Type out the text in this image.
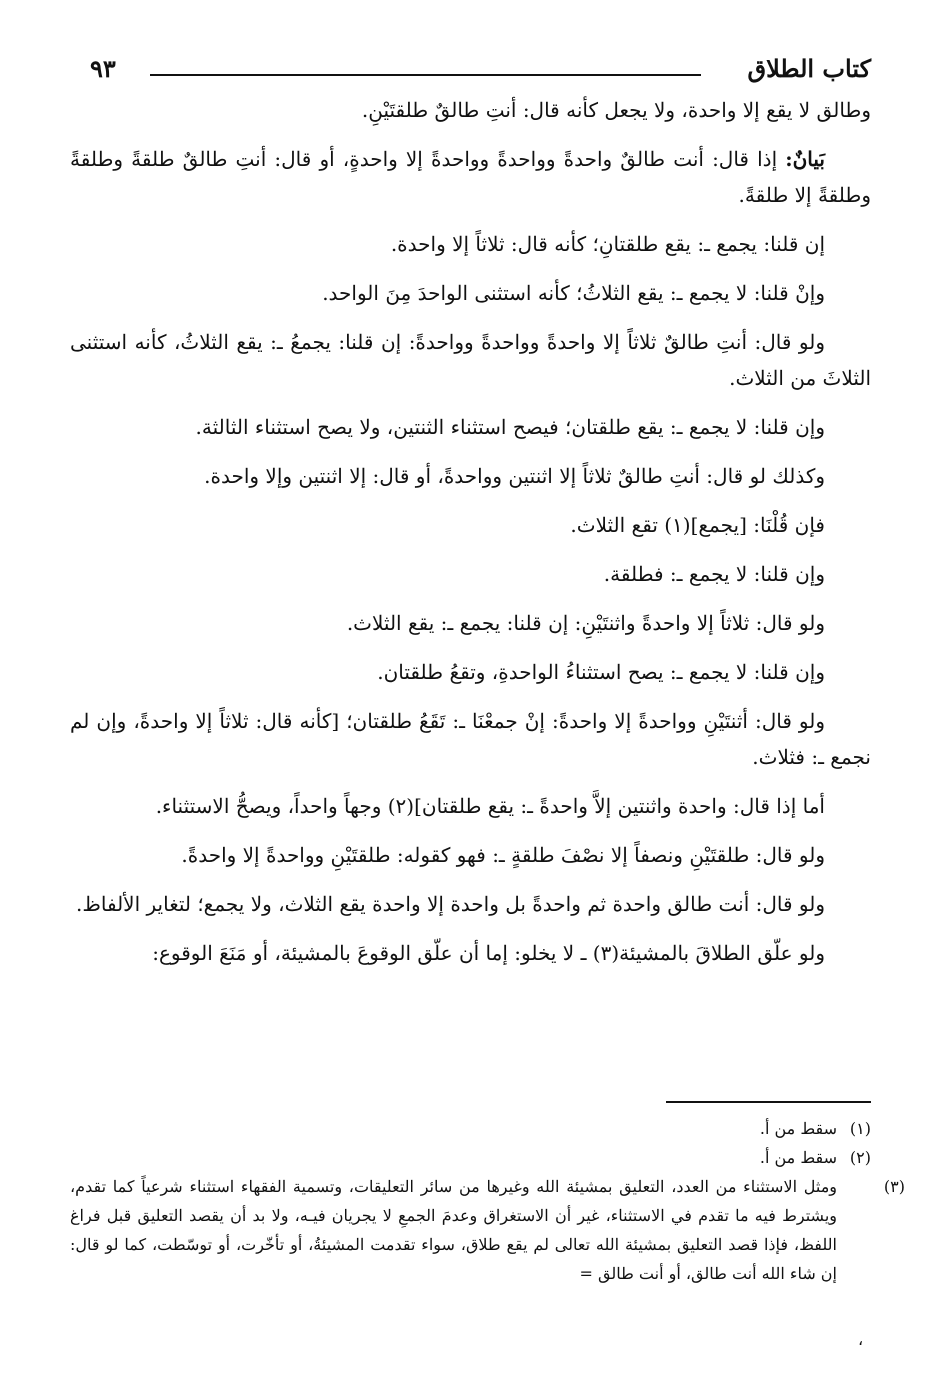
كتاب الطلاق
٩٣

وطالق لا يقع إلا واحدة، ولا يجعل كأنه قال: أنتِ طالقٌ طلقتَيْنِ.

بَيانٌ: إذا قال: أنت طالقٌ واحدةً وواحدةً وواحدةً إلا واحدةٍ، أو قال: أنتِ طالقٌ طلقةً وطلقةً وطلقةً إلا طلقةً.

إن قلنا: يجمع ـ: يقع طلقتانِ؛ كأنه قال: ثلاثاً إلا واحدة.

وإنْ قلنا: لا يجمع ـ: يقع الثلاثُ؛ كأنه استثنى الواحدَ مِنَ الواحد.

ولو قال: أنتِ طالقٌ ثلاثاً إلا واحدةً وواحدةً وواحدةً: إن قلنا: يجمعُ ـ: يقع الثلاثُ، كأنه استثنى الثلاثَ من الثلاث.

وإن قلنا: لا يجمع ـ: يقع طلقتان؛ فيصح استثناء الثنتين، ولا يصح استثناء الثالثة.

وكذلك لو قال: أنتِ طالقٌ ثلاثاً إلا اثنتين وواحدةً، أو قال: إلا اثنتين وإلا واحدة.

فإن قُلْنَا: [يجمع](١) تقع الثلاث.

وإن قلنا: لا يجمع ـ: فطلقة.

ولو قال: ثلاثاً إلا واحدةً واثنتَيْنِ: إن قلنا: يجمع ـ: يقع الثلاث.

وإن قلنا: لا يجمع ـ: يصح استثناءُ الواحدةِ، وتقعُ طلقتان.

ولو قال: أثنتَيْنِ وواحدةً إلا واحدةً: إنْ جمعْنَا ـ: تَقَعُ طلقتان؛ [كأنه قال: ثلاثاً إلا واحدةً، وإن لم نجمع ـ: فثلاث.

أما إذا قال: واحدة واثنتين إلاَّ واحدةً ـ: يقع طلقتان](٢) وجهاً واحداً، ويصحُّ الاستثناء.

ولو قال: طلقتَيْنِ ونصفاً إلا نصْفَ طلقةٍ ـ: فهو كقوله: طلقتَيْنِ وواحدةً إلا واحدةً.

ولو قال: أنت طالق واحدة ثم واحدةً بل واحدة إلا واحدة يقع الثلاث، ولا يجمع؛ لتغاير الألفاظ.

ولو علّق الطلاقَ بالمشيئة(٣) ـ لا يخلو: إما أن علّق الوقوعَ بالمشيئة، أو مَنَعَ الوقوع:

(١)سقط من أ.

(٢)سقط من أ.

(٣)ومثل الاستثناء من العدد، التعليق بمشيئة الله وغيرها من سائر التعليقات، وتسمية الفقهاء استثناء شرعياً كما تقدم، ويشترط فيه ما تقدم في الاستثناء، غير أن الاستغراق وعدمَ الجمعِ لا يجريان فيـه، ولا بد أن يقصد التعليق قبل فراغ اللفظ، فإذا قصد التعليق بمشيئة الله تعالى لم يقع طلاق، سواء تقدمت المشيئةُ، أو تأخّرت، أو توسّطت، كما لو قال: إن شاء الله أنت طالق، أو أنت طالق =

،
